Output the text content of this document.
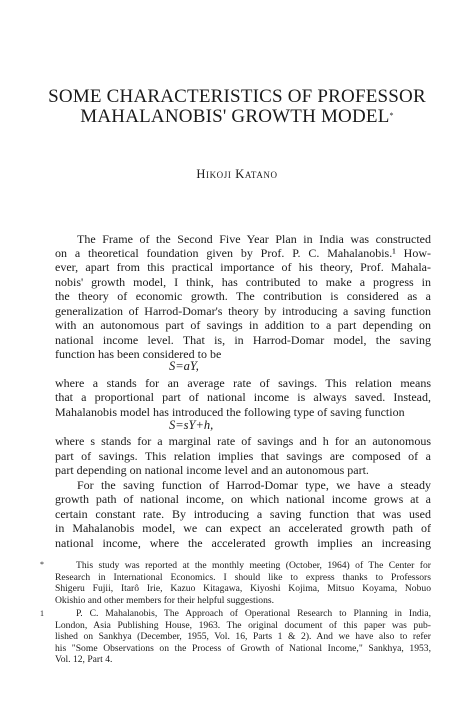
SOME CHARACTERISTICS OF PROFESSOR
MAHALANOBIS' GROWTH MODEL*
Hikoji Katano
The Frame of the Second Five Year Plan in India was constructed
on a theoretical foundation given by Prof. P. C. Mahalanobis.¹ How-
ever, apart from this practical importance of his theory, Prof. Mahala-
nobis' growth model, I think, has contributed to make a progress in
the theory of economic growth. The contribution is considered as a
generalization of Harrod-Domar's theory by introducing a saving function
with an autonomous part of savings in addition to a part depending on
national income level. That is, in Harrod-Domar model, the saving
function has been considered to be
S=aY,
where a stands for an average rate of savings. This relation means
that a proportional part of national income is always saved. Instead,
Mahalanobis model has introduced the following type of saving function
S=sY+h,
where s stands for a marginal rate of savings and h for an autonomous
part of savings. This relation implies that savings are composed of a
part depending on national income level and an autonomous part.
For the saving function of Harrod-Domar type, we have a steady
growth path of national income, on which national income grows at a
certain constant rate. By introducing a saving function that was used
in Mahalanobis model, we can expect an accelerated growth path of
national income, where the accelerated growth implies an increasing
*	This study was reported at the monthly meeting (October, 1964) of The Center for
Research in International Economics. I should like to express thanks to Professors
Shigeru Fujii, Itarô Irie, Kazuo Kitagawa, Kiyoshi Kojima, Mitsuo Koyama, Nobuo
Okishio and other members for their helpful suggestions.
1	P. C. Mahalanobis, The Approach of Operational Research to Planning in India,
London, Asia Publishing House, 1963. The original document of this paper was pub-
lished on Sankhya (December, 1955, Vol. 16, Parts 1 & 2). And we have also to refer
his "Some Observations on the Process of Growth of National Income," Sankhya, 1953,
Vol. 12, Part 4.
